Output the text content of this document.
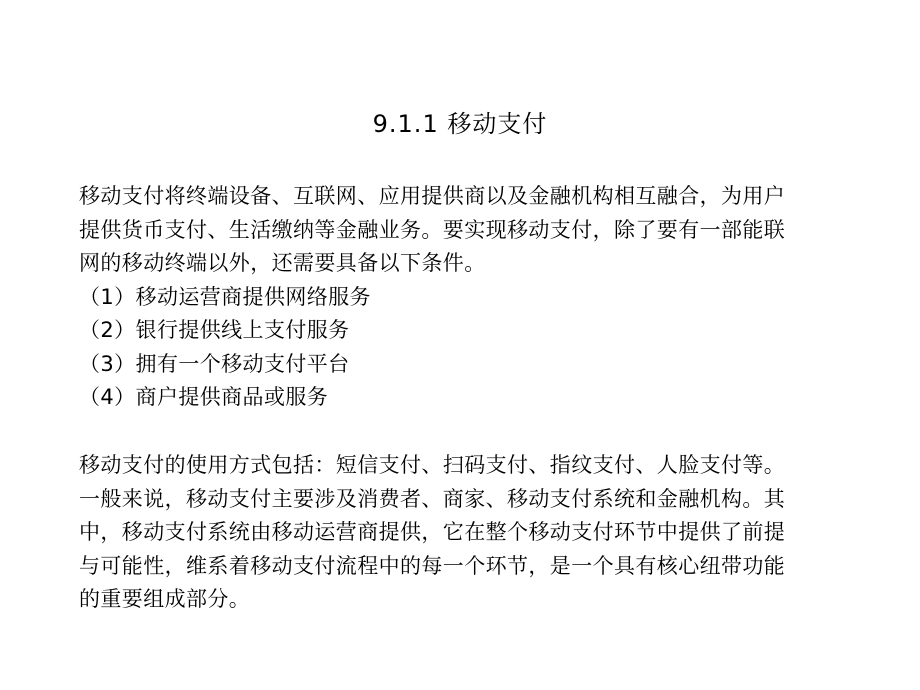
9.1.1 移动支付
移动支付将终端设备、互联网、应用提供商以及金融机构相互融合，为用户
提供货币支付、生活缴纳等金融业务。要实现移动支付，除了要有一部能联
网的移动终端以外，还需要具备以下条件。
（1）移动运营商提供网络服务
（2）银行提供线上支付服务
（3）拥有一个移动支付平台
（4）商户提供商品或服务
移动支付的使用方式包括：短信支付、扫码支付、指纹支付、人脸支付等。
一般来说，移动支付主要涉及消费者、商家、移动支付系统和金融机构。其
中，移动支付系统由移动运营商提供，它在整个移动支付环节中提供了前提
与可能性，维系着移动支付流程中的每一个环节，是一个具有核心纽带功能
的重要组成部分。
